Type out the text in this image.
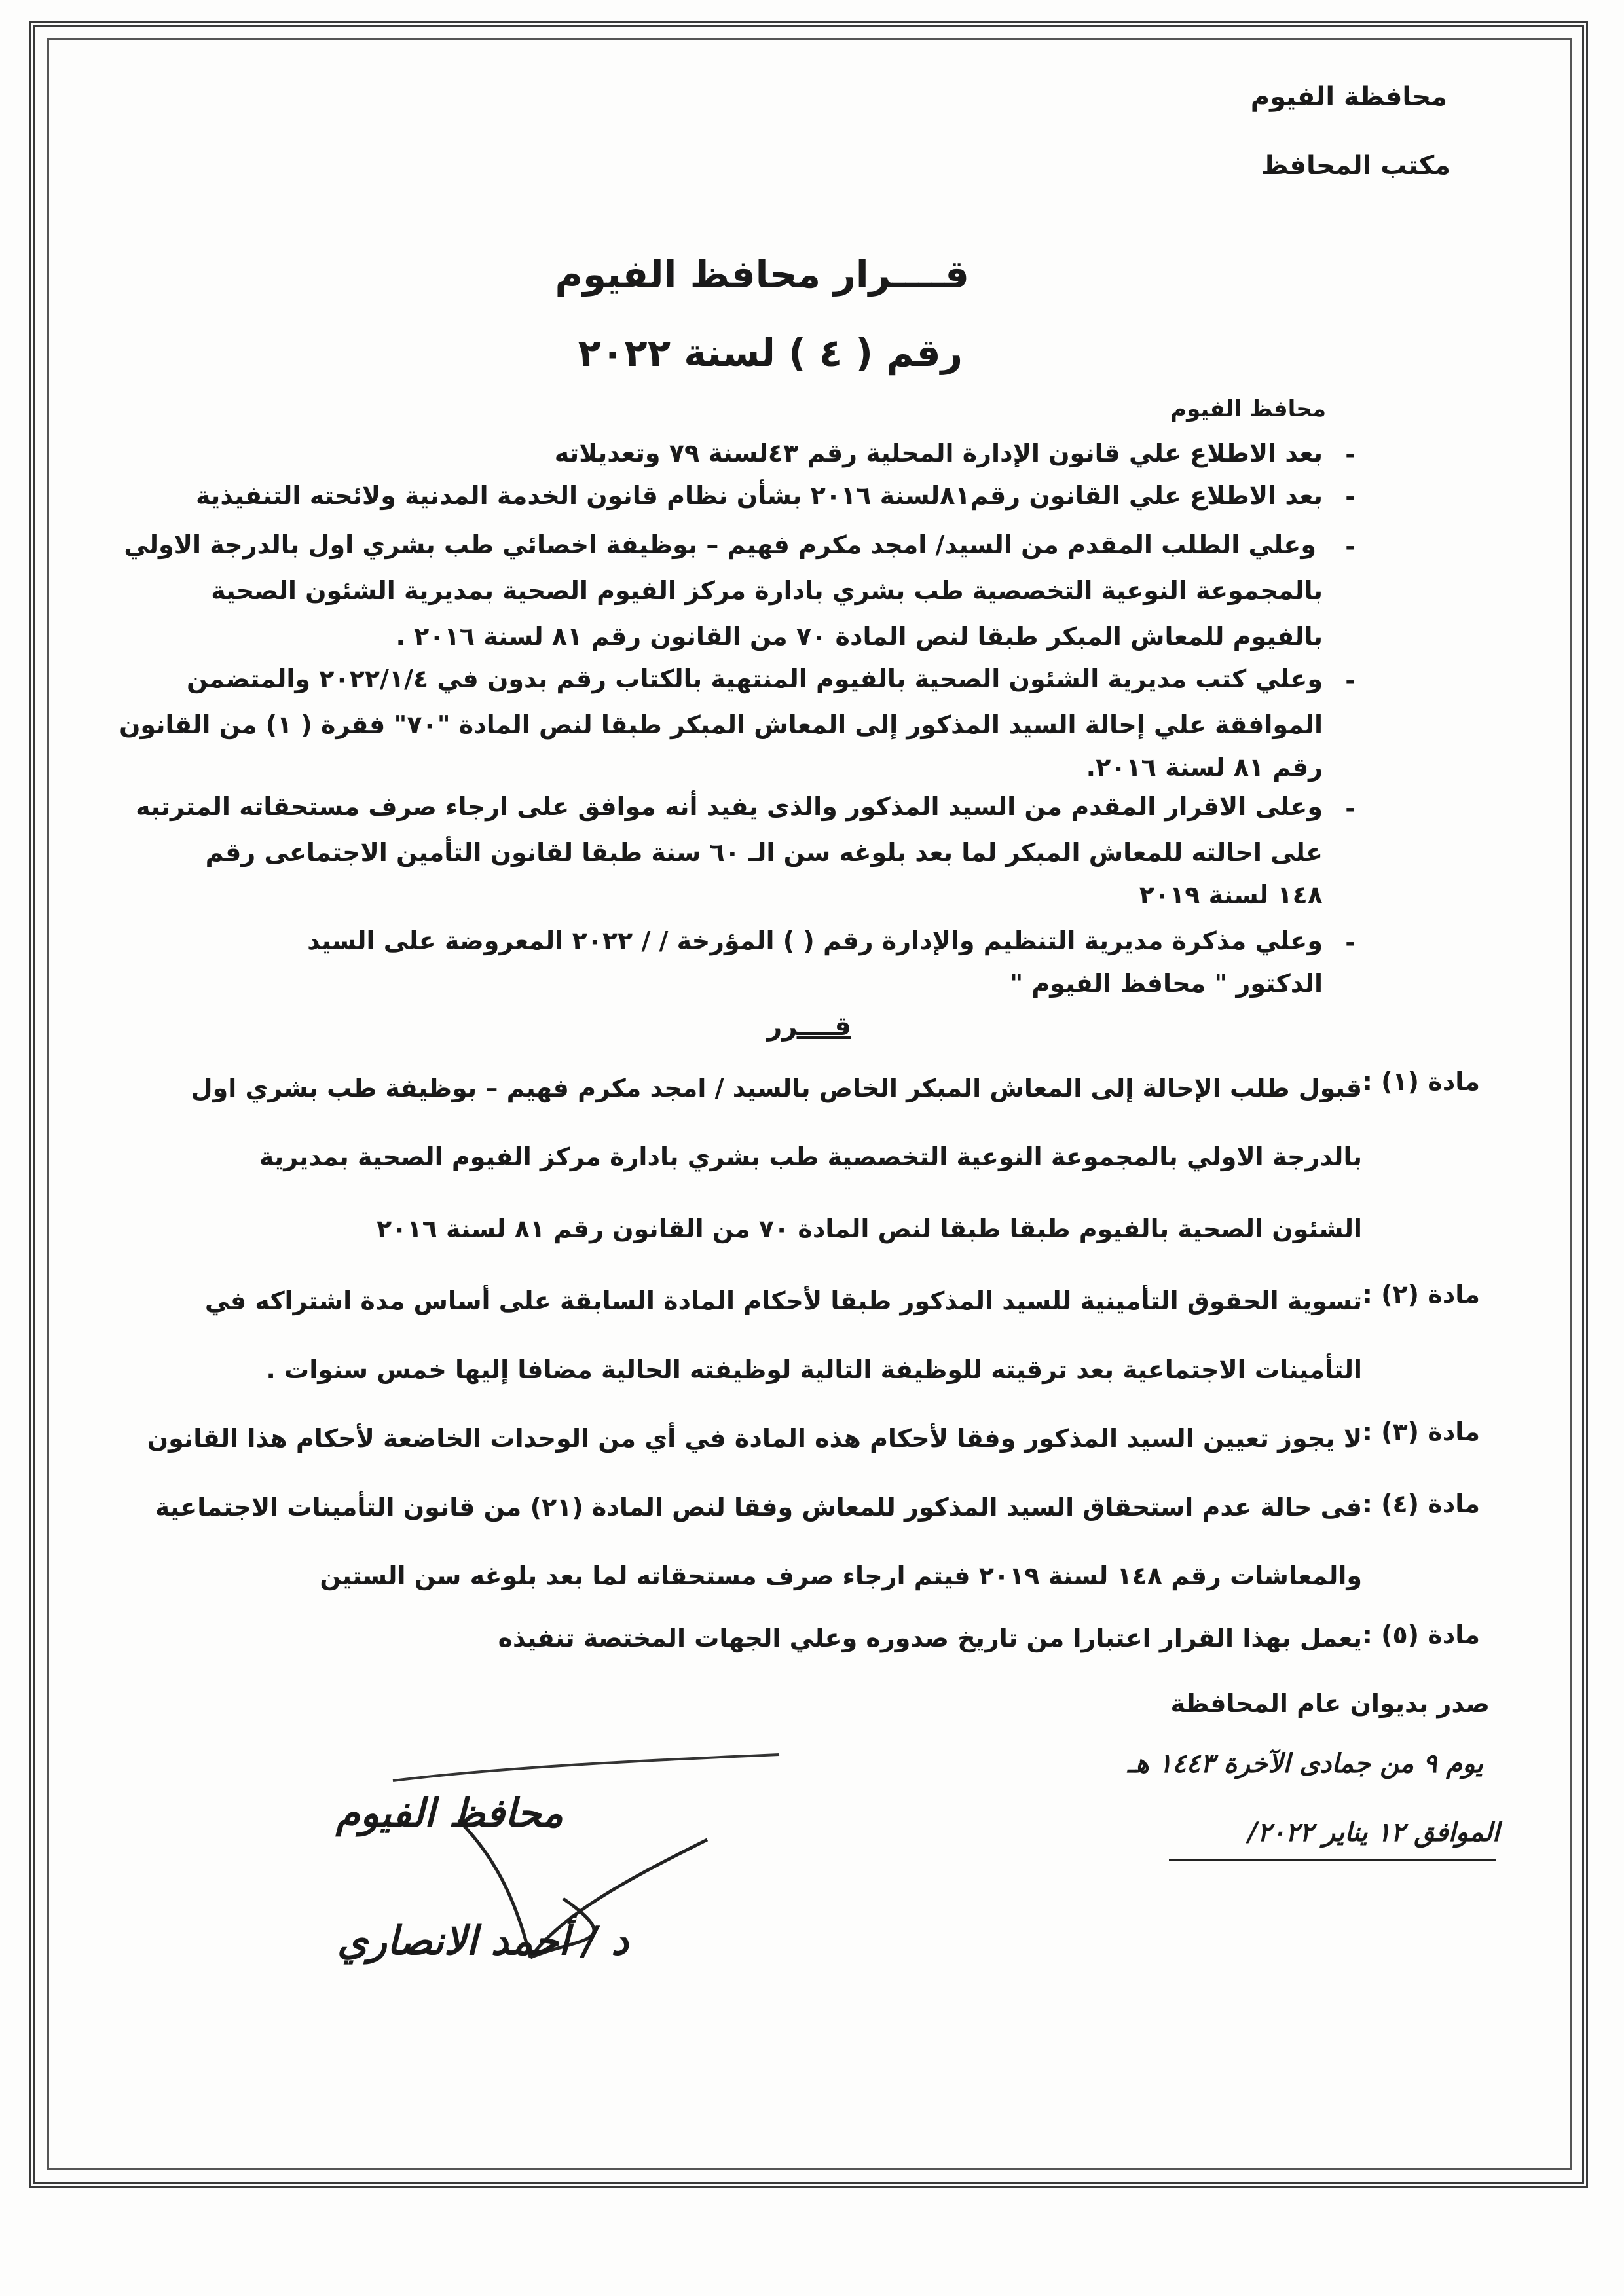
محافظة الفيوم
مكتب المحافظ
قــــرار محافظ الفيوم
رقم ( ٤ ) لسنة ٢٠٢٢
محافظ الفيوم
-
بعد الاطلاع علي قانون الإدارة المحلية رقم ٤٣لسنة ٧٩ وتعديلاته
-
بعد الاطلاع علي القانون رقم٨١لسنة ٢٠١٦ بشأن نظام قانون الخدمة المدنية ولائحته التنفيذية
-
وعلي الطلب المقدم من السيد/ امجد مكرم فهيم – بوظيفة اخصائي طب بشري اول بالدرجة الاولي
بالمجموعة النوعية التخصصية طب بشري بادارة مركز الفيوم الصحية بمديرية الشئون الصحية
بالفيوم للمعاش المبكر طبقا لنص المادة ٧٠ من القانون رقم ٨١ لسنة ٢٠١٦ .
-
وعلي كتب مديرية الشئون الصحية بالفيوم المنتهية بالكتاب رقم بدون في ٢٠٢٢/١/٤ والمتضمن
الموافقة علي إحالة السيد المذكور إلى المعاش المبكر طبقا لنص المادة "٧٠" فقرة ( ١) من القانون
رقم ٨١ لسنة ٢٠١٦.
-
وعلى الاقرار المقدم من السيد المذكور والذى يفيد أنه موافق على ارجاء صرف مستحقاته المترتبه
على احالته للمعاش المبكر لما بعد بلوغه سن الـ ٦٠ سنة طبقا لقانون التأمين الاجتماعى رقم
١٤٨ لسنة ٢٠١٩
-
وعلي مذكرة مديرية التنظيم والإدارة رقم ( ) المؤرخة / / ٢٠٢٢ المعروضة على السيد
الدكتور " محافظ الفيوم "
قــــرر
مادة (١) :
قبول طلب الإحالة إلى المعاش المبكر الخاص بالسيد / امجد مكرم فهيم – بوظيفة طب بشري اول
بالدرجة الاولي بالمجموعة النوعية التخصصية طب بشري بادارة مركز الفيوم الصحية بمديرية
الشئون الصحية بالفيوم طبقا طبقا لنص المادة ٧٠ من القانون رقم ٨١ لسنة ٢٠١٦
مادة (٢) :
تسوية الحقوق التأمينية للسيد المذكور طبقا لأحكام المادة السابقة على أساس مدة اشتراكه في
التأمينات الاجتماعية بعد ترقيته للوظيفة التالية لوظيفته الحالية مضافا إليها خمس سنوات .
مادة (٣) :
لا يجوز تعيين السيد المذكور وفقا لأحكام هذه المادة في أي من الوحدات الخاضعة لأحكام هذا القانون
مادة (٤) :
فى حالة عدم استحقاق السيد المذكور للمعاش وفقا لنص المادة (٢١) من قانون التأمينات الاجتماعية
والمعاشات رقم ١٤٨ لسنة ٢٠١٩ فيتم ارجاء صرف مستحقاته لما بعد بلوغه سن الستين
مادة (٥) :
يعمل بهذا القرار اعتبارا من تاريخ صدوره وعلي الجهات المختصة تنفيذه
صدر بديوان عام المحافظة
يوم ٩ من جمادى الآخرة ١٤٤٣ هـ
الموافق ١٢ يناير ٢٠٢٢/
محافظ الفيوم
د / أحمد الانصاري
